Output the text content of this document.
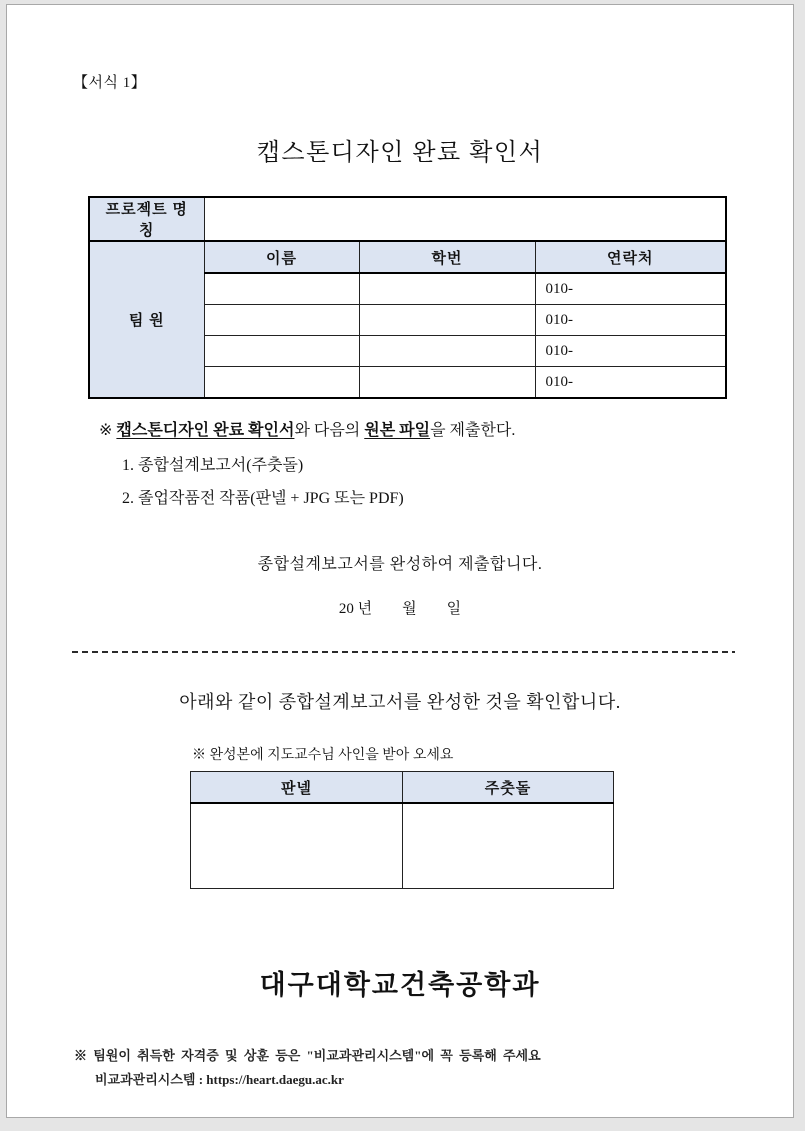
【서식 1】
캡스톤디자인 완료 확인서
프로젝트 명칭			
팀 원	이름	학번	연락처
			010-
			010-
			010-
			010-
※ 캡스톤디자인 완료 확인서와 다음의 원본 파일을 제출한다.
1. 종합설계보고서(주춧돌)
2. 졸업작품전 작품(판넬 + JPG 또는 PDF)
종합설계보고서를 완성하여 제출합니다.
20 년        월        일
아래와 같이 종합설계보고서를 완성한 것을 확인합니다.
※ 완성본에 지도교수님 사인을 받아 오세요
판넬	주춧돌

대구대학교건축공학과
※ 팀원이 취득한 자격증 및 상훈 등은 "비교과관리시스템"에 꼭 등록해 주세요
비교과관리시스템 : https://heart.daegu.ac.kr
